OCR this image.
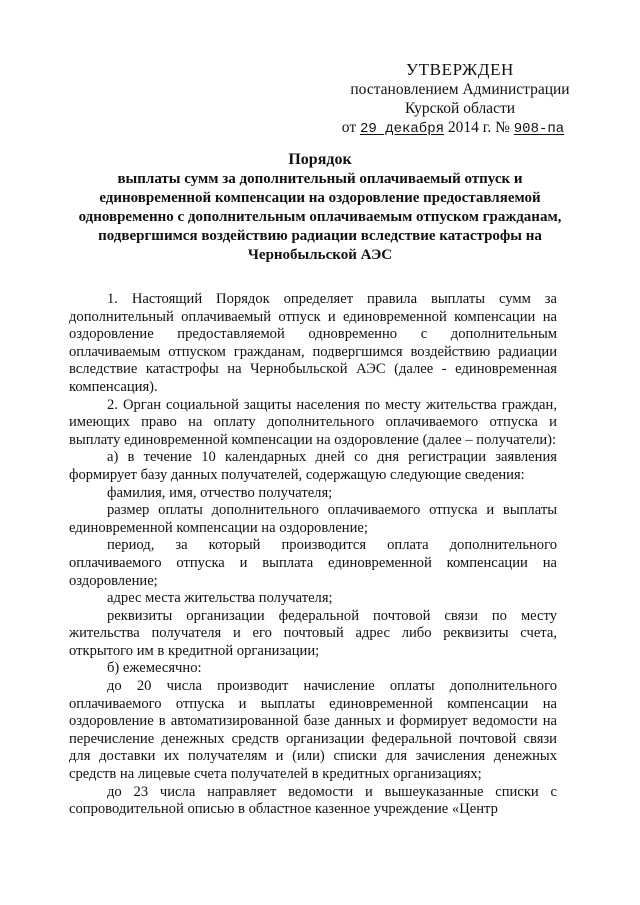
УТВЕРЖДЕН
постановлением Администрации
Курской области
от 29 декабря 2014 г. № 908-па
Порядок
выплаты сумм за дополнительный оплачиваемый отпуск и единовременной компенсации на оздоровление предоставляемой одновременно с дополнительным оплачиваемым отпуском гражданам, подвергшимся воздействию радиации вследствие катастрофы на Чернобыльской АЭС

1. Настоящий Порядок определяет правила выплаты сумм за дополнительный оплачиваемый отпуск и единовременной компенсации на оздоровление предоставляемой одновременно с дополнительным оплачиваемым отпуском гражданам, подвергшимся воздействию радиации вследствие катастрофы на Чернобыльской АЭС (далее - единовременная компенсация).

2. Орган социальной защиты населения по месту жительства граждан, имеющих право на оплату дополнительного оплачиваемого отпуска и выплату единовременной компенсации на оздоровление (далее – получатели):

а) в течение 10 календарных дней со дня регистрации заявления формирует базу данных получателей, содержащую следующие сведения:

фамилия, имя, отчество получателя;

размер оплаты дополнительного оплачиваемого отпуска и выплаты единовременной компенсации на оздоровление;

период, за который производится оплата дополнительного оплачиваемого отпуска и выплата единовременной компенсации на оздоровление;

адрес места жительства получателя;

реквизиты организации федеральной почтовой связи по месту жительства получателя и его почтовый адрес либо реквизиты счета, открытого им в кредитной организации;

б) ежемесячно:

до 20 числа производит начисление оплаты дополнительного оплачиваемого отпуска и выплаты единовременной компенсации на оздоровление в автоматизированной базе данных и формирует ведомости на перечисление денежных средств организации федеральной почтовой связи для доставки их получателям и (или) списки для зачисления денежных средств на лицевые счета получателей в кредитных организациях;

до 23 числа направляет ведомости и вышеуказанные списки с сопроводительной описью в областное казенное учреждение «Центр
